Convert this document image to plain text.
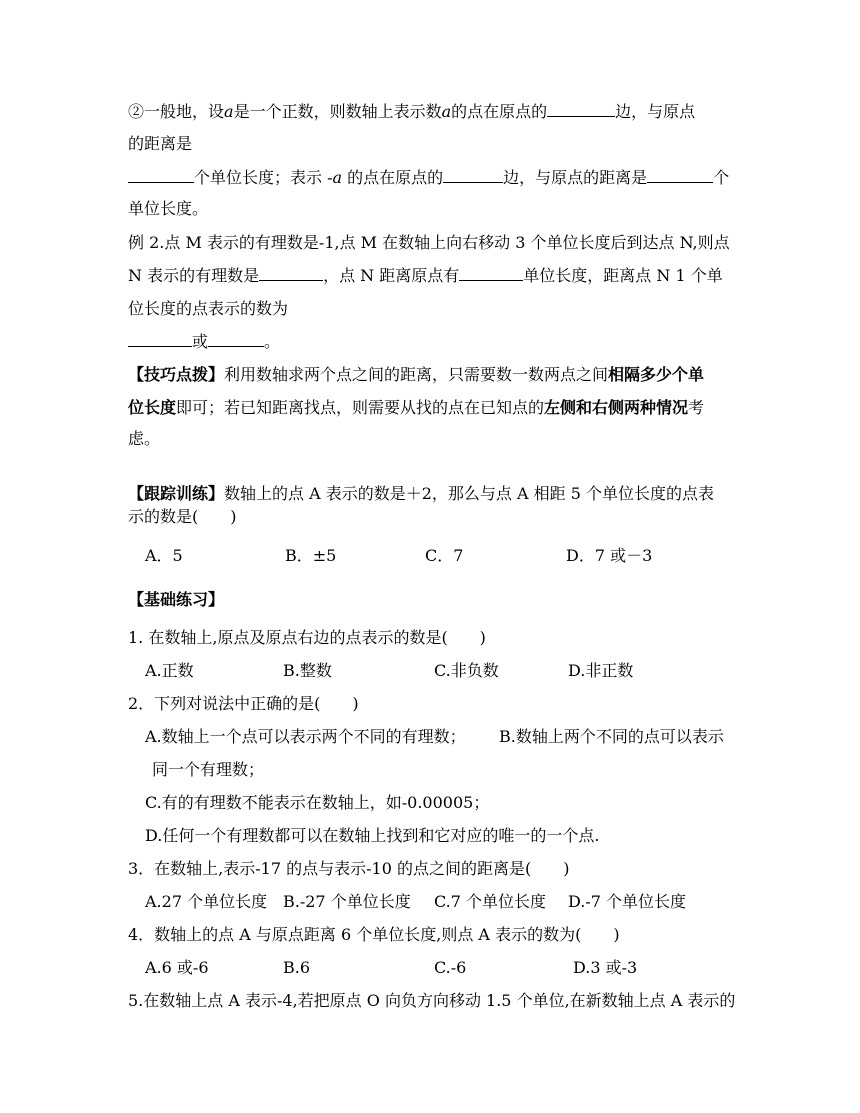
②一般地，设a是一个正数，则数轴上表示数a的点在原点的	边，与原点
的距离是
个单位长度；表示 -a 的点在原点的	边，与原点的距离是	个
单位长度。
例 2.点 M 表示的有理数是-1,点 M 在数轴上向右移动 3 个单位长度后到达点 N,则点
N 表示的有理数是	，点 N 距离原点有	单位长度，距离点 N 1 个单
位长度的点表示的数为
或	。
【技巧点拨】利用数轴求两个点之间的距离，只需要数一数两点之间相隔多少个单
位长度即可；若已知距离找点，则需要从找的点在已知点的左侧和右侧两种情况考
虑。
【跟踪训练】数轴上的点 A 表示的数是＋2，那么与点 A 相距 5 个单位长度的点表
示的数是(　　)
A．5	B．±5	C．7	D．7 或－3
【基础练习】
1. 在数轴上,原点及原点右边的点表示的数是(　　)
A.正数	B.整数	C.非负数	D.非正数
2．下列对说法中正确的是(　　)
A.数轴上一个点可以表示两个不同的有理数； B.数轴上两个不同的点可以表示
同一个有理数；
C.有的有理数不能表示在数轴上，如-0.00005；
D.任何一个有理数都可以在数轴上找到和它对应的唯一的一个点.
3．在数轴上,表示-17 的点与表示-10 的点之间的距离是(　　)
A.27 个单位长度 B.-27 个单位长度 C.7 个单位长度 D.-7 个单位长度
4．数轴上的点 A 与原点距离 6 个单位长度,则点 A 表示的数为(　　)
A.6 或-6	B.6	C.-6	D.3 或-3
5.在数轴上点 A 表示-4,若把原点 O 向负方向移动 1.5 个单位,在新数轴上点 A 表示的
